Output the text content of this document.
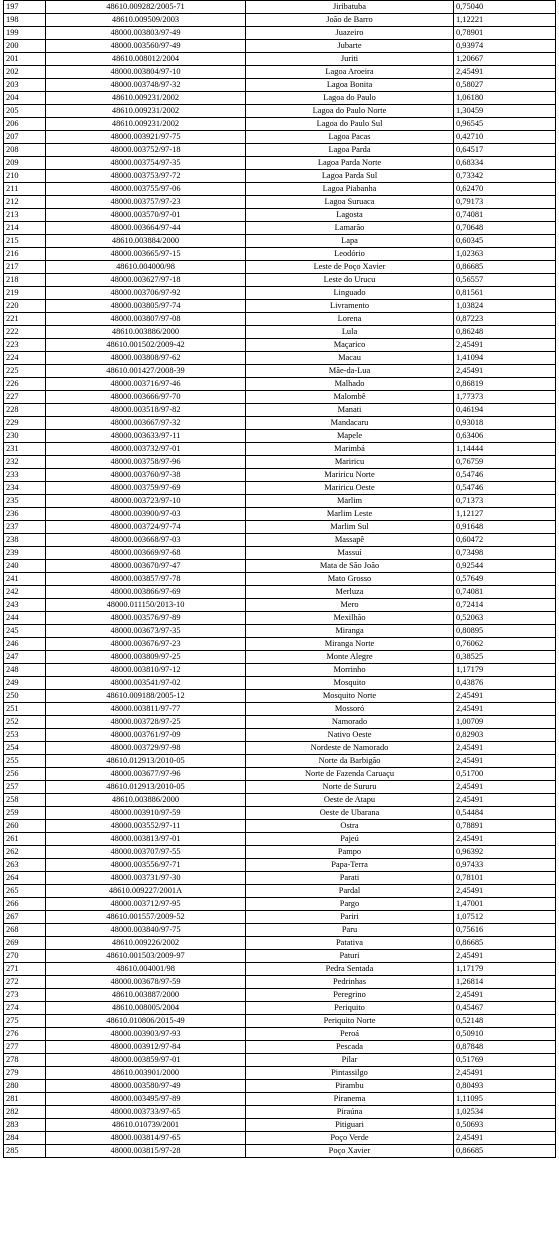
197	48610.009282/2005-71	Jiribatuba	0,75040
198	48610.009509/2003	João de Barro	1,12221
199	48000.003803/97-49	Juazeiro	0,78901
200	48000.003560/97-49	Jubarte	0,93974
201	48610.008012/2004	Juriti	1,20667
202	48000.003804/97-10	Lagoa Aroeira	2,45491
203	48000.003748/97-32	Lagoa Bonita	0,58027
204	48610.009231/2002	Lagoa do Paulo	1,06180
205	48610.009231/2002	Lagoa do Paulo Norte	1,30459
206	48610.009231/2002	Lagoa do Paulo Sul	0,96545
207	48000.003921/97-75	Lagoa Pacas	0,42710
208	48000.003752/97-18	Lagoa Parda	0,64517
209	48000.003754/97-35	Lagoa Parda Norte	0,68334
210	48000.003753/97-72	Lagoa Parda Sul	0,73342
211	48000.003755/97-06	Lagoa Piabanha	0,62470
212	48000.003757/97-23	Lagoa Suruaca	0,79173
213	48000.003570/97-01	Lagosta	0,74081
214	48000.003664/97-44	Lamarão	0,70648
215	48610.003884/2000	Lapa	0,60345
216	48000.003665/97-15	Leodório	1,02363
217	48610.004000/98	Leste de Poço Xavier	0,86685
218	48000.003627/97-18	Leste do Urucu	0,56557
219	48000.003706/97-92	Linguado	0,81561
220	48000.003805/97-74	Livramento	1,03824
221	48000.003807/97-08	Lorena	0,87223
222	48610.003886/2000	Lula	0,86248
223	48610.001502/2009-42	Maçarico	2,45491
224	48000.003808/97-62	Macau	1,41094
225	48610.001427/2008-39	Mãe-da-Lua	2,45491
226	48000.003716/97-46	Malhado	0,86819
227	48000.003666/97-70	Malombê	1,77373
228	48000.003518/97-82	Manati	0,46194
229	48000.003667/97-32	Mandacaru	0,93018
230	48000.003633/97-11	Mapele	0,63406
231	48000.003732/97-01	Marimbá	1,14444
232	48000.003758/97-96	Mariricu	0,76759
233	48000.003760/97-38	Mariricu Norte	0,54746
234	48000.003759/97-69	Mariricu Oeste	0,54746
235	48000.003723/97-10	Marlim	0,71373
236	48000.003900/97-03	Marlim Leste	1,12127
237	48000.003724/97-74	Marlim Sul	0,91648
238	48000.003668/97-03	Massapê	0,60472
239	48000.003669/97-68	Massuí	0,73498
240	48000.003670/97-47	Mata de São João	0,92544
241	48000.003857/97-78	Mato Grosso	0,57649
242	48000.003866/97-69	Merluza	0,74081
243	48000.011150/2013-10	Mero	0,72414
244	48000.003576/97-89	Mexilhão	0,52063
245	48000.003673/97-35	Miranga	0,80895
246	48000.003676/97-23	Miranga Norte	0,76062
247	48000.003809/97-25	Monte Alegre	0,38525
248	48000.003810/97-12	Morrinho	1,17179
249	48000.003541/97-02	Mosquito	0,43876
250	48610.009188/2005-12	Mosquito Norte	2,45491
251	48000.003811/97-77	Mossoró	2,45491
252	48000.003728/97-25	Namorado	1,00709
253	48000.003761/97-09	Nativo Oeste	0,82903
254	48000.003729/97-98	Nordeste de Namorado	2,45491
255	48610.012913/2010-05	Norte da Barbigão	2,45491
256	48000.003677/97-96	Norte de Fazenda Caruaçu	0,51700
257	48610.012913/2010-05	Norte de Sururu	2,45491
258	48610.003886/2000	Oeste de Atapu	2,45491
259	48000.003910/97-59	Oeste de Ubarana	0,54484
260	48000.003552/97-11	Ostra	0,78891
261	48000.003813/97-01	Pajeú	2,45491
262	48000.003707/97-55	Pampo	0,96392
263	48000.003556/97-71	Papa-Terra	0,97433
264	48000.003731/97-30	Parati	0,78101
265	48610.009227/2001A	Pardal	2,45491
266	48000.003712/97-95	Pargo	1,47001
267	48610.001557/2009-52	Pariri	1,07512
268	48000.003840/97-75	Paru	0,75616
269	48610.009226/2002	Patativa	0,86685
270	48610.001503/2009-97	Paturi	2,45491
271	48610.004001/98	Pedra Sentada	1,17179
272	48000.003678/97-59	Pedrinhas	1,26814
273	48610.003887/2000	Peregrino	2,45491
274	48610.008005/2004	Periquito	0,45467
275	48610.010806/2015-49	Periquito Norte	0,52148
276	48000.003903/97-93	Peroá	0,50910
277	48000.003912/97-84	Pescada	0,87848
278	48000.003859/97-01	Pilar	0,51769
279	48610.003901/2000	Pintassilgo	2,45491
280	48000.003580/97-49	Pirambu	0,80493
281	48000.003495/97-89	Piranema	1,11095
282	48000.003733/97-65	Piraúna	1,02534
283	48610.010739/2001	Pitiguari	0,50693
284	48000.003814/97-65	Poço Verde	2,45491
285	48000.003815/97-28	Poço Xavier	0,86685
